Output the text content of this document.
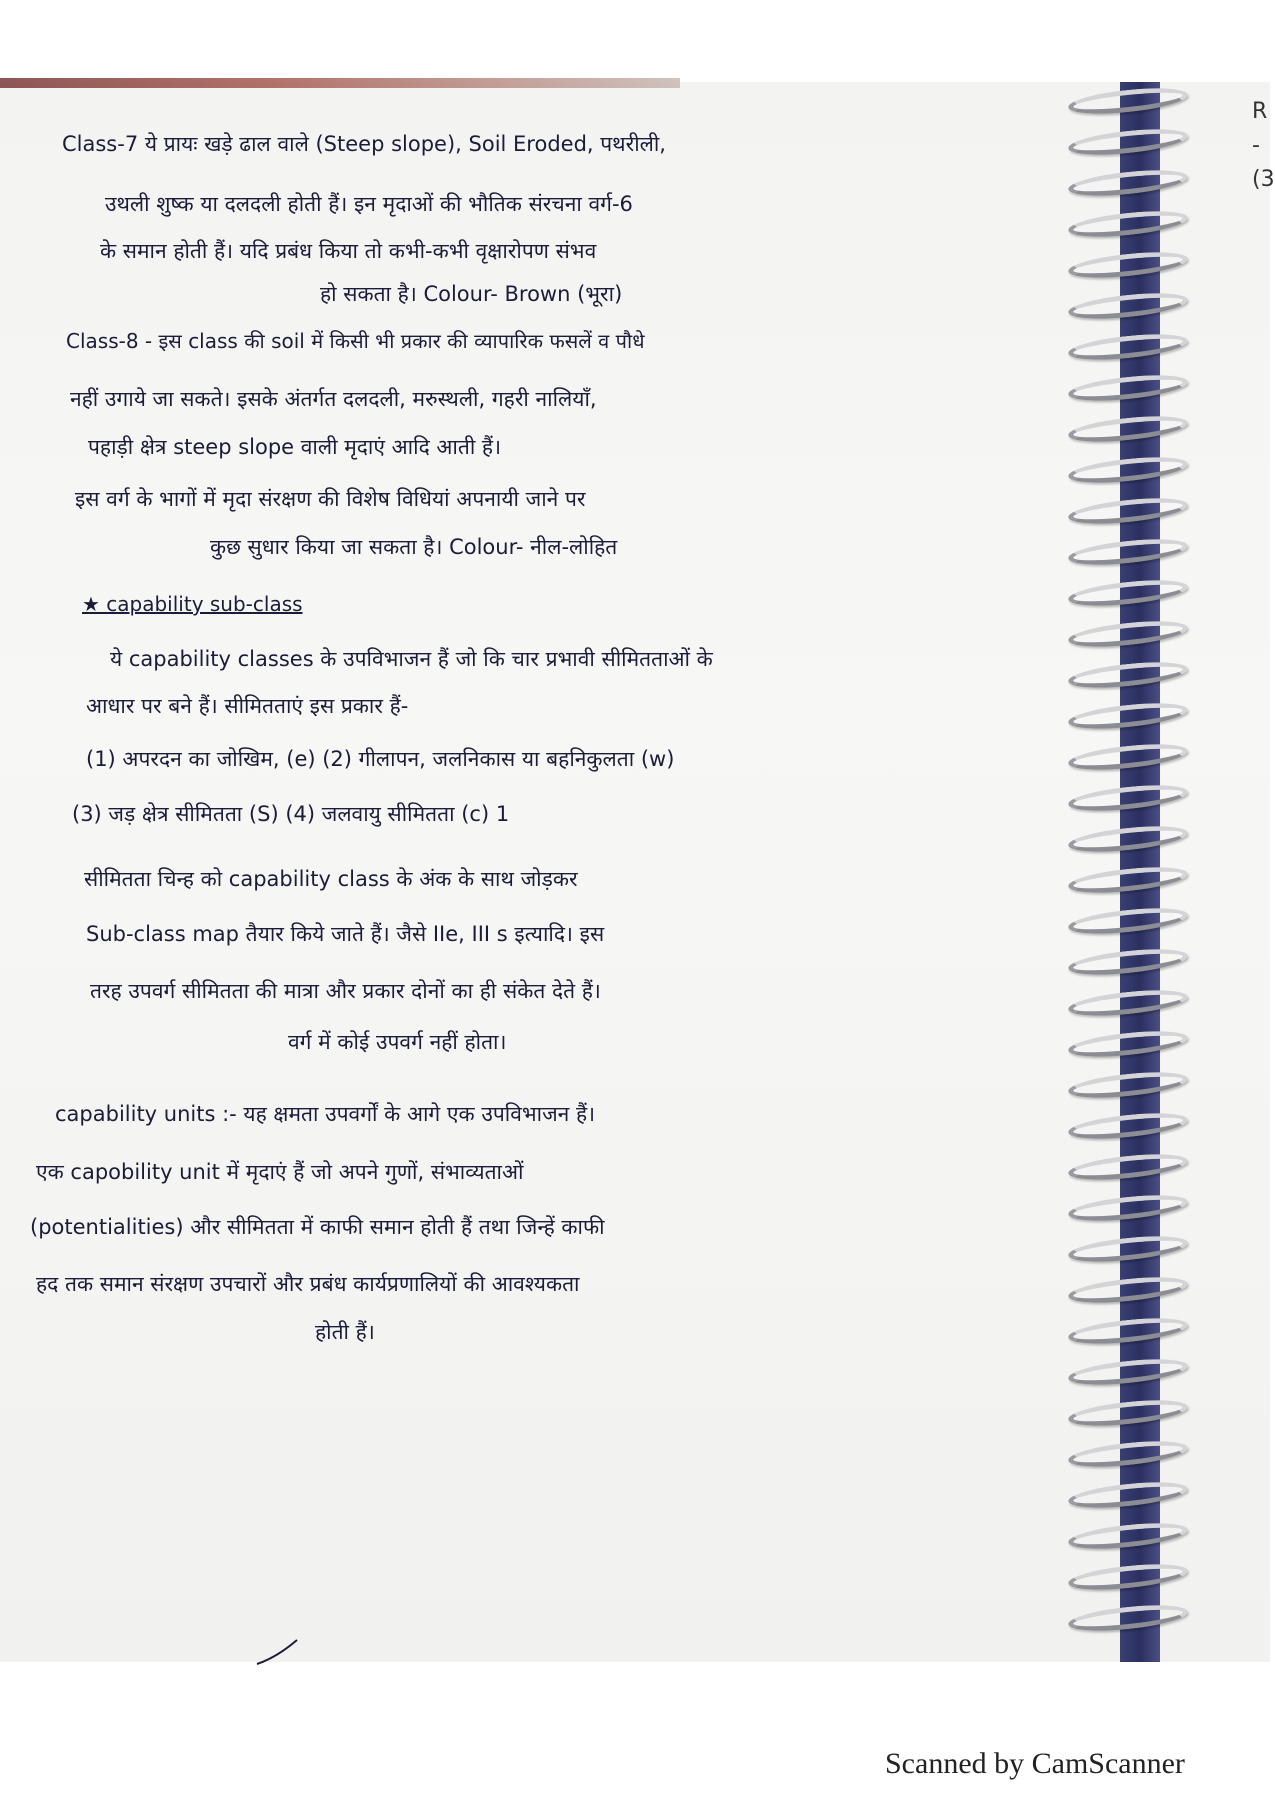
R
-
(3
Class-7 ये प्रायः खड़े ढाल वाले (Steep slope), Soil Eroded, पथरीली,
उथली शुष्क या दलदली होती हैं। इन मृदाओं की भौतिक संरचना वर्ग-6
के समान होती हैं। यदि प्रबंध किया तो कभी-कभी वृक्षारोपण संभव
हो सकता है। Colour- Brown (भूरा)
Class-8 - इस class की soil में किसी भी प्रकार की व्यापारिक फसलें व पौधे
नहीं उगाये जा सकते। इसके अंतर्गत दलदली, मरुस्थली, गहरी नालियाँ,
पहाड़ी क्षेत्र steep slope वाली मृदाएं आदि आती हैं।
इस वर्ग के भागों में मृदा संरक्षण की विशेष विधियां अपनायी जाने पर
कुछ सुधार किया जा सकता है। Colour- नील-लोहित
★ capability sub-class
ये capability classes के उपविभाजन हैं जो कि चार प्रभावी सीमितताओं के
आधार पर बने हैं। सीमितताएं इस प्रकार हैं-
(1) अपरदन का जोखिम, (e) (2) गीलापन, जलनिकास या बहनिकुलता (w)
(3) जड़ क्षेत्र सीमितता (S) (4) जलवायु सीमितता (c) 1
सीमितता चिन्ह को capability class के अंक के साथ जोड़कर
Sub-class map तैयार किये जाते हैं। जैसे IIe, III s इत्यादि। इस
तरह उपवर्ग सीमितता की मात्रा और प्रकार दोनों का ही संकेत देते हैं।
वर्ग में कोई उपवर्ग नहीं होता।
capability units :- यह क्षमता उपवर्गों के आगे एक उपविभाजन हैं।
एक capobility unit में मृदाएं हैं जो अपने गुणों, संभाव्यताओं
(potentialities) और सीमितता में काफी समान होती हैं तथा जिन्हें काफी
हद तक समान संरक्षण उपचारों और प्रबंध कार्यप्रणालियों की आवश्यकता
होती हैं।
Scanned by CamScanner
